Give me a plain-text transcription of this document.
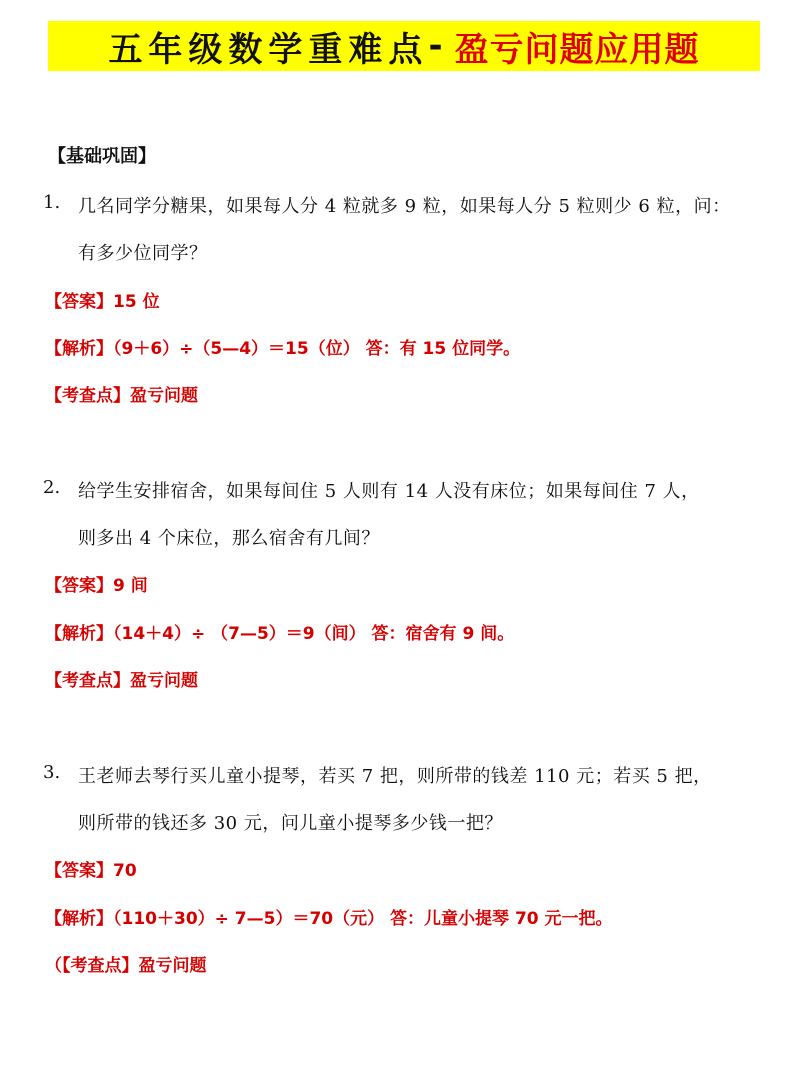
五年级数学重难点 - 盈亏问题应用题
【基础巩固】
1. 几名同学分糖果，如果每人分 4 粒就多 9 粒，如果每人分 5 粒则少 6 粒，问：
有多少位同学？
【答案】15 位
【解析】（9＋6）÷（5—4）＝15（位） 答：有 15 位同学。
【考查点】盈亏问题
2. 给学生安排宿舍，如果每间住 5 人则有 14 人没有床位；如果每间住 7 人，
则多出 4 个床位，那么宿舍有几间？
【答案】9 间
【解析】（14＋4）÷ （7—5）＝9（间） 答：宿舍有 9 间。
【考查点】盈亏问题
3. 王老师去琴行买儿童小提琴，若买 7 把，则所带的钱差 110 元；若买 5 把，
则所带的钱还多 30 元，问儿童小提琴多少钱一把？
【答案】70
【解析】（110＋30）÷ 7—5）＝70（元） 答：儿童小提琴 70 元一把。
（【考查点】盈亏问题
